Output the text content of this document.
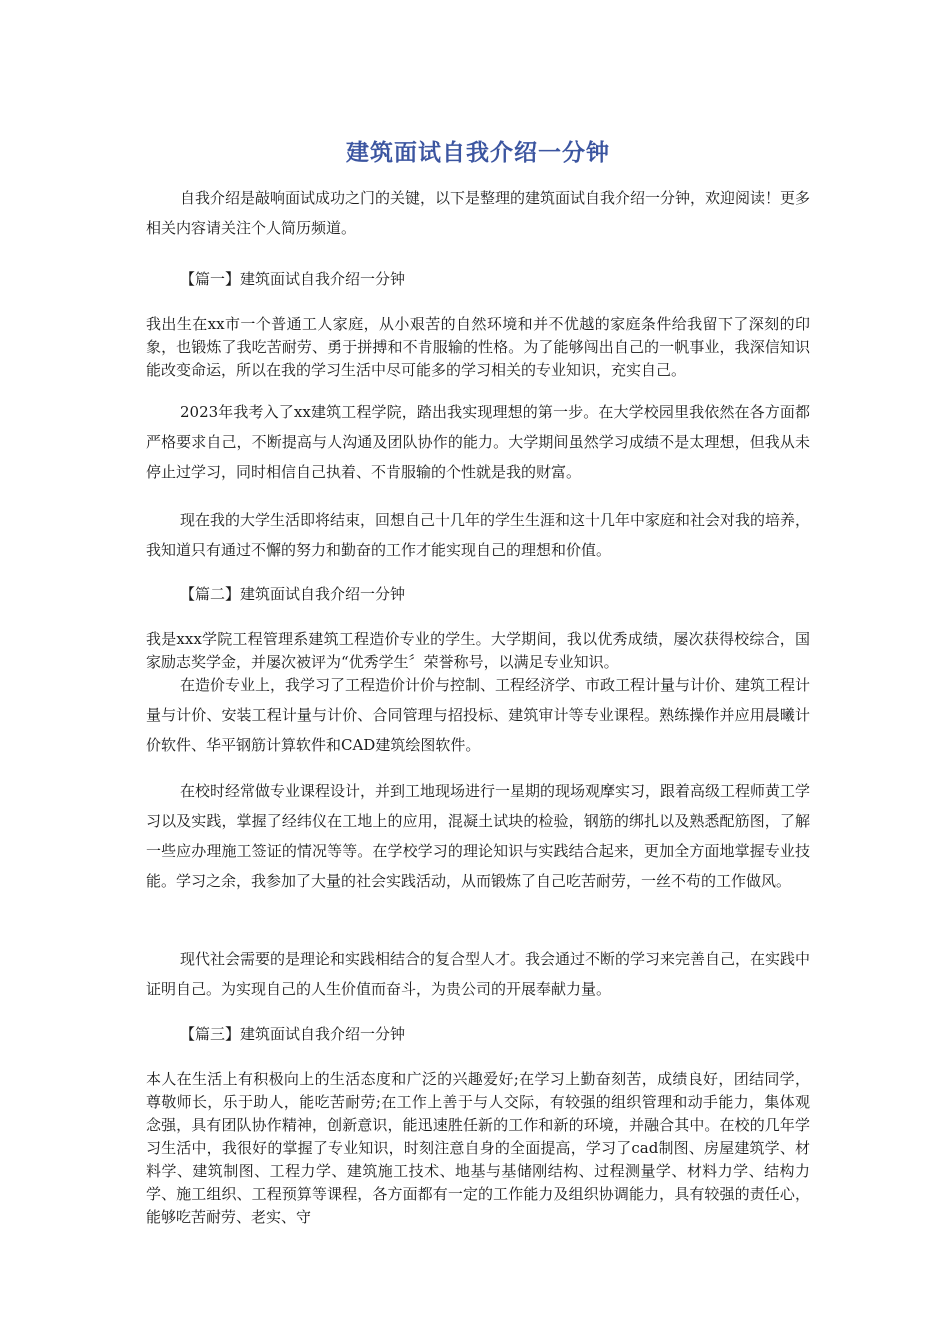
建筑面试自我介绍一分钟

自我介绍是敲响面试成功之门的关键，以下是整理的建筑面试自我介绍一分钟，欢迎阅读！更多相关内容请关注个人简历频道。

【篇一】建筑面试自我介绍一分钟

我出生在xx市一个普通工人家庭，从小艰苦的自然环境和并不优越的家庭条件给我留下了深刻的印象，也锻炼了我吃苦耐劳、勇于拼搏和不肯服输的性格。为了能够闯出自己的一帆事业，我深信知识能改变命运，所以在我的学习生活中尽可能多的学习相关的专业知识，充实自己。

2023年我考入了xx建筑工程学院，踏出我实现理想的第一步。在大学校园里我依然在各方面都严格要求自己，不断提高与人沟通及团队协作的能力。大学期间虽然学习成绩不是太理想，但我从未停止过学习，同时相信自己执着、不肯服输的个性就是我的财富。

现在我的大学生活即将结束，回想自己十几年的学生生涯和这十几年中家庭和社会对我的培养，我知道只有通过不懈的努力和勤奋的工作才能实现自己的理想和价值。

【篇二】建筑面试自我介绍一分钟

我是xxx学院工程管理系建筑工程造价专业的学生。大学期间，我以优秀成绩，屡次获得校综合，国家励志奖学金，并屡次被评为“优秀学生〞荣誉称号，以满足专业知识。

在造价专业上，我学习了工程造价计价与控制、工程经济学、市政工程计量与计价、建筑工程计量与计价、安装工程计量与计价、合同管理与招投标、建筑审计等专业课程。熟练操作并应用晨曦计价软件、华平钢筋计算软件和CAD建筑绘图软件。

在校时经常做专业课程设计，并到工地现场进行一星期的现场观摩实习，跟着高级工程师黄工学习以及实践，掌握了经纬仪在工地上的应用，混凝土试块的检验，钢筋的绑扎以及熟悉配筋图，了解一些应办理施工签证的情况等等。在学校学习的理论知识与实践结合起来，更加全方面地掌握专业技能。学习之余，我参加了大量的社会实践活动，从而锻炼了自己吃苦耐劳，一丝不苟的工作做风。

现代社会需要的是理论和实践相结合的复合型人才。我会通过不断的学习来完善自己，在实践中证明自己。为实现自己的人生价值而奋斗，为贵公司的开展奉献力量。

【篇三】建筑面试自我介绍一分钟

本人在生活上有积极向上的生活态度和广泛的兴趣爱好;在学习上勤奋刻苦，成绩良好，团结同学，尊敬师长，乐于助人，能吃苦耐劳;在工作上善于与人交际，有较强的组织管理和动手能力，集体观念强，具有团队协作精神，创新意识，能迅速胜任新的工作和新的环境，并融合其中。在校的几年学习生活中，我很好的掌握了专业知识，时刻注意自身的全面提高，学习了cad制图、房屋建筑学、材料学、建筑制图、工程力学、建筑施工技术、地基与基储刚结构、过程测量学、材料力学、结构力学、施工组织、工程预算等课程，各方面都有一定的工作能力及组织协调能力，具有较强的责任心，能够吃苦耐劳、老实、守
